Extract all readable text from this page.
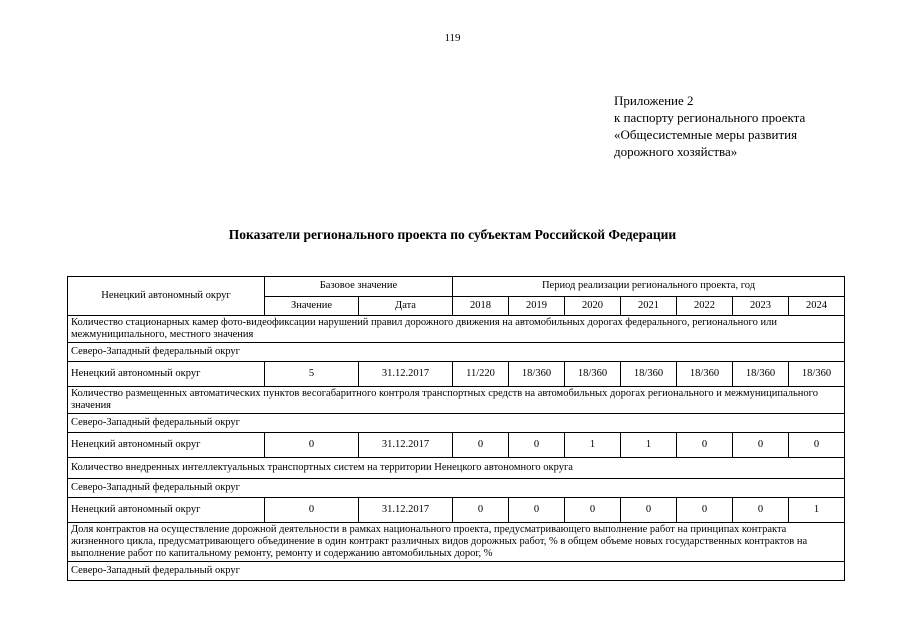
119
Приложение 2
к паспорту регионального проекта
«Общесистемные меры развития
дорожного хозяйства»
Показатели регионального проекта по субъектам Российской Федерации
Ненецкий автономный округ	Базовое значение		Период реализации регионального проекта, год						
	Значение	Дата	2018	2019	2020	2021	2022	2023	2024
Количество стационарных камер фото-видеофиксации нарушений правил дорожного движения на автомобильных дорогах федерального, регионального или межмуниципального, местного значения									
Северо-Западный федеральный округ									
Ненецкий автономный округ	5	31.12.2017	11/220	18/360	18/360	18/360	18/360	18/360	18/360
Количество размещенных автоматических пунктов весогабаритного контроля транспортных средств на автомобильных дорогах регионального и межмуниципального значения									
Северо-Западный федеральный округ									
Ненецкий автономный округ	0	31.12.2017	0	0	1	1	0	0	0
Количество внедренных интеллектуальных транспортных систем на территории Ненецкого автономного округа									
Северо-Западный федеральный округ									
Ненецкий автономный округ	0	31.12.2017	0	0	0	0	0	0	1
Доля контрактов на осуществление дорожной деятельности в рамках национального проекта, предусматривающего выполнение работ на принципах контракта жизненного цикла, предусматривающего объединение в один контракт различных видов дорожных работ, % в общем объеме новых государственных контрактов на выполнение работ по капитальному ремонту, ремонту и содержанию автомобильных дорог, %									
Северо-Западный федеральный округ									
